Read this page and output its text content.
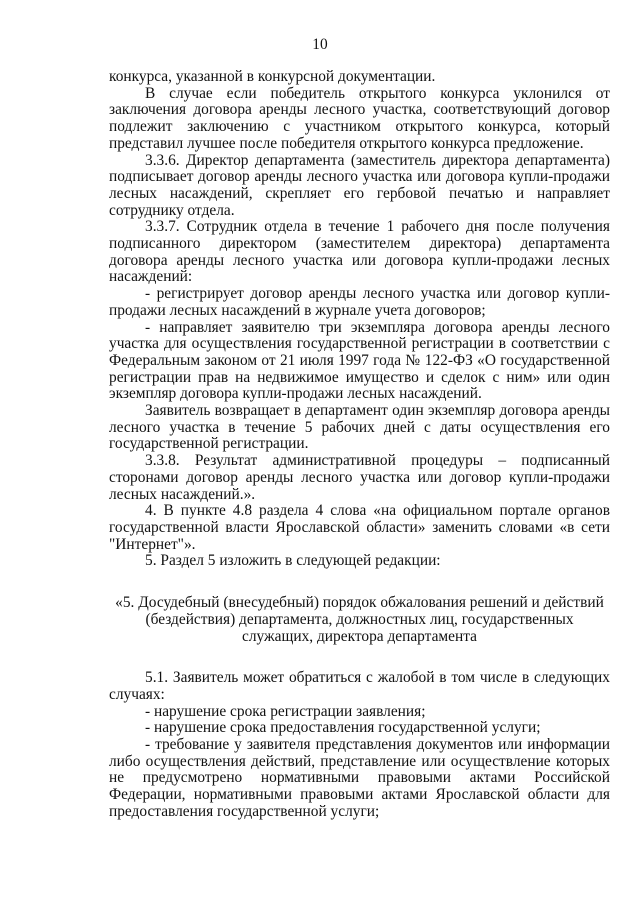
10

конкурса, указанной в конкурсной документации.

В случае если победитель открытого конкурса уклонился от заключения договора аренды лесного участка, соответствующий договор подлежит заключению с участником открытого конкурса, который представил лучшее после победителя открытого конкурса предложение.

3.3.6. Директор департамента (заместитель директора департамента) подписывает договор аренды лесного участка или договора купли-продажи лесных насаждений, скрепляет его гербовой печатью и направляет сотруднику отдела.

3.3.7. Сотрудник отдела в течение 1 рабочего дня после получения подписанного директором (заместителем директора) департамента договора аренды лесного участка или договора купли-продажи лесных насаждений:

- регистрирует договор аренды лесного участка или договор купли-продажи лесных насаждений в журнале учета договоров;

- направляет заявителю три экземпляра договора аренды лесного участка для осуществления государственной регистрации в соответствии с Федеральным законом от 21 июля 1997 года № 122-ФЗ «О государственной регистрации прав на недвижимое имущество и сделок с ним» или один экземпляр договора купли-продажи лесных насаждений.

Заявитель возвращает в департамент один экземпляр договора аренды лесного участка в течение 5 рабочих дней с даты осуществления его государственной регистрации.

3.3.8. Результат административной процедуры – подписанный сторонами договор аренды лесного участка или договор купли-продажи лесных насаждений.».

4. В пункте 4.8 раздела 4 слова «на официальном портале органов государственной власти Ярославской области» заменить словами «в сети "Интернет"».

5. Раздел 5 изложить в следующей редакции:

«5. Досудебный (внесудебный) порядок обжалования решений и действий (бездействия) департамента, должностных лиц, государственных служащих, директора департамента

5.1. Заявитель может обратиться с жалобой в том числе в следующих случаях:

- нарушение срока регистрации заявления;

- нарушение срока предоставления государственной услуги;

- требование у заявителя представления документов или информации либо осуществления действий, представление или осуществление которых не предусмотрено нормативными правовыми актами Российской Федерации, нормативными правовыми актами Ярославской области для предоставления государственной услуги;
